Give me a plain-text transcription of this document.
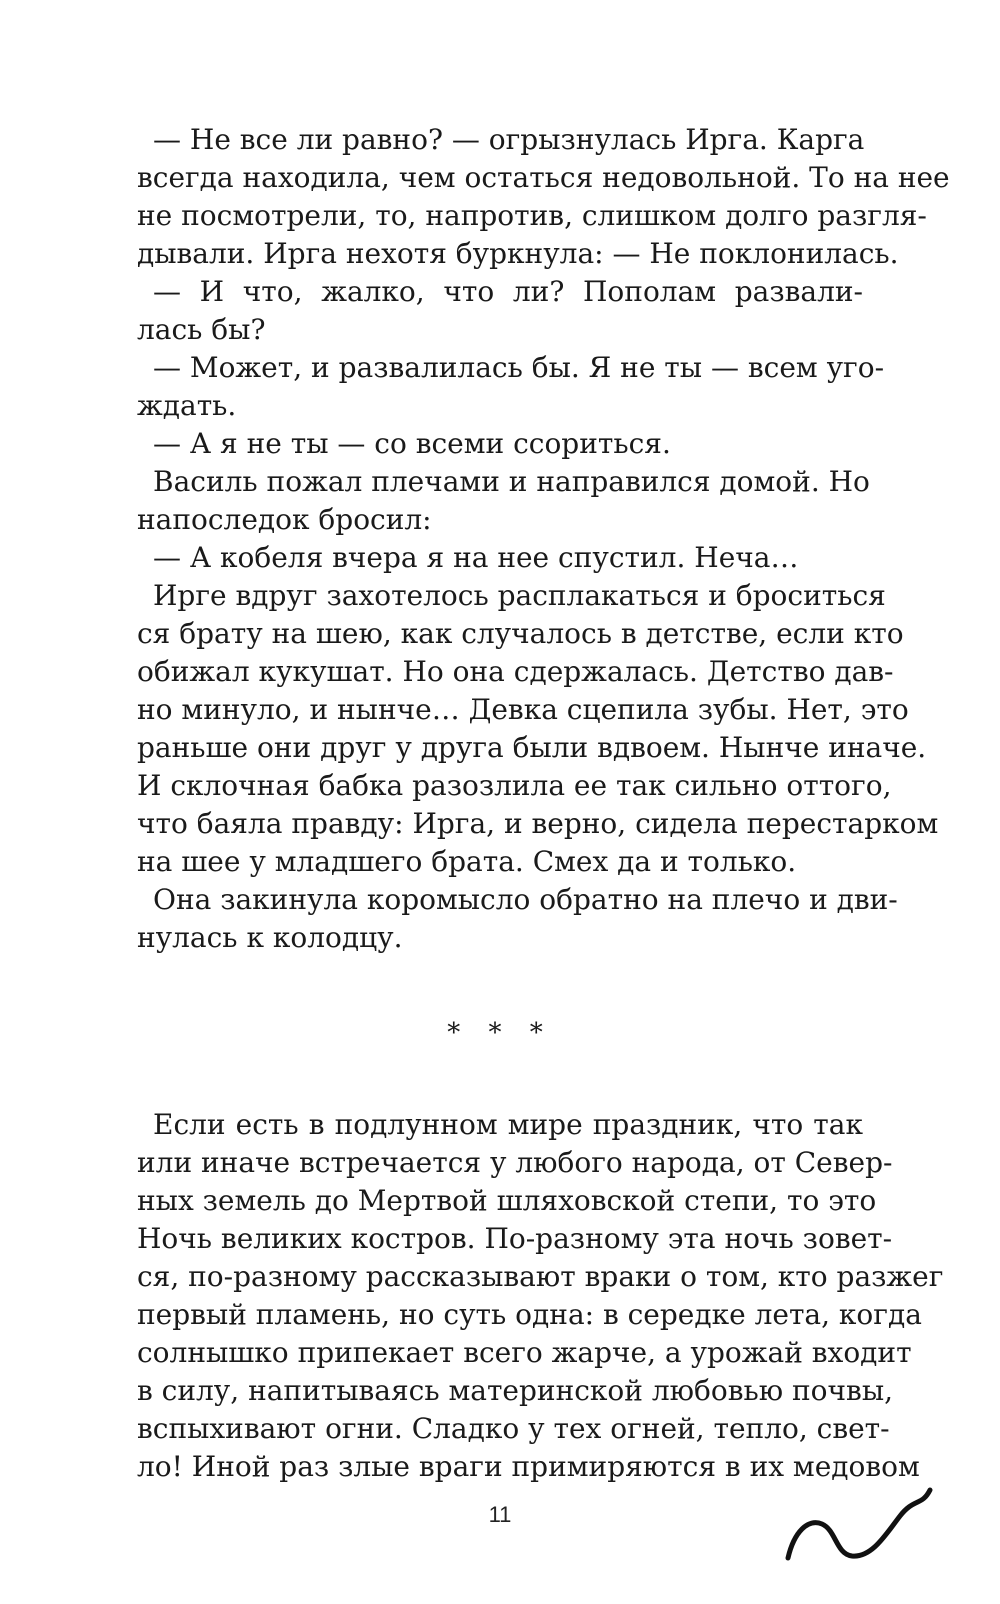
— Не все ли равно? — огрызнулась Ирга. Карга
всегда находила, чем остаться недовольной. То на нее
не посмотрели, то, напротив, слишком долго разгля-
дывали. Ирга нехотя буркнула: — Не поклонилась.
— И что, жалко, что ли? Пополам развали-
лась бы?
— Может, и развалилась бы. Я не ты — всем уго-
ждать.
— А я не ты — со всеми ссориться.
Василь пожал плечами и направился домой. Но
напоследок бросил:
— А кобеля вчера я на нее спустил. Неча…
Ирге вдруг захотелось расплакаться и броситься
ся брату на шею, как случалось в детстве, если кто
обижал кукушат. Но она сдержалась. Детство дав-
но минуло, и нынче… Девка сцепила зубы. Нет, это
раньше они друг у друга были вдвоем. Нынче иначе.
И склочная бабка разозлила ее так сильно оттого,
что баяла правду: Ирга, и верно, сидела перестарком
на шее у младшего брата. Смех да и только.
Она закинула коромысло обратно на плечо и дви-
нулась к колодцу.
* * *
Если есть в подлунном мире праздник, что так
или иначе встречается у любого народа, от Север-
ных земель до Мертвой шляховской степи, то это
Ночь великих костров. По-разному эта ночь зовет-
ся, по-разному рассказывают враки о том, кто разжег
первый пламень, но суть одна: в середке лета, когда
солнышко припекает всего жарче, а урожай входит
в силу, напитываясь материнской любовью почвы,
вспыхивают огни. Сладко у тех огней, тепло, свет-
ло! Иной раз злые враги примиряются в их медовом
11
